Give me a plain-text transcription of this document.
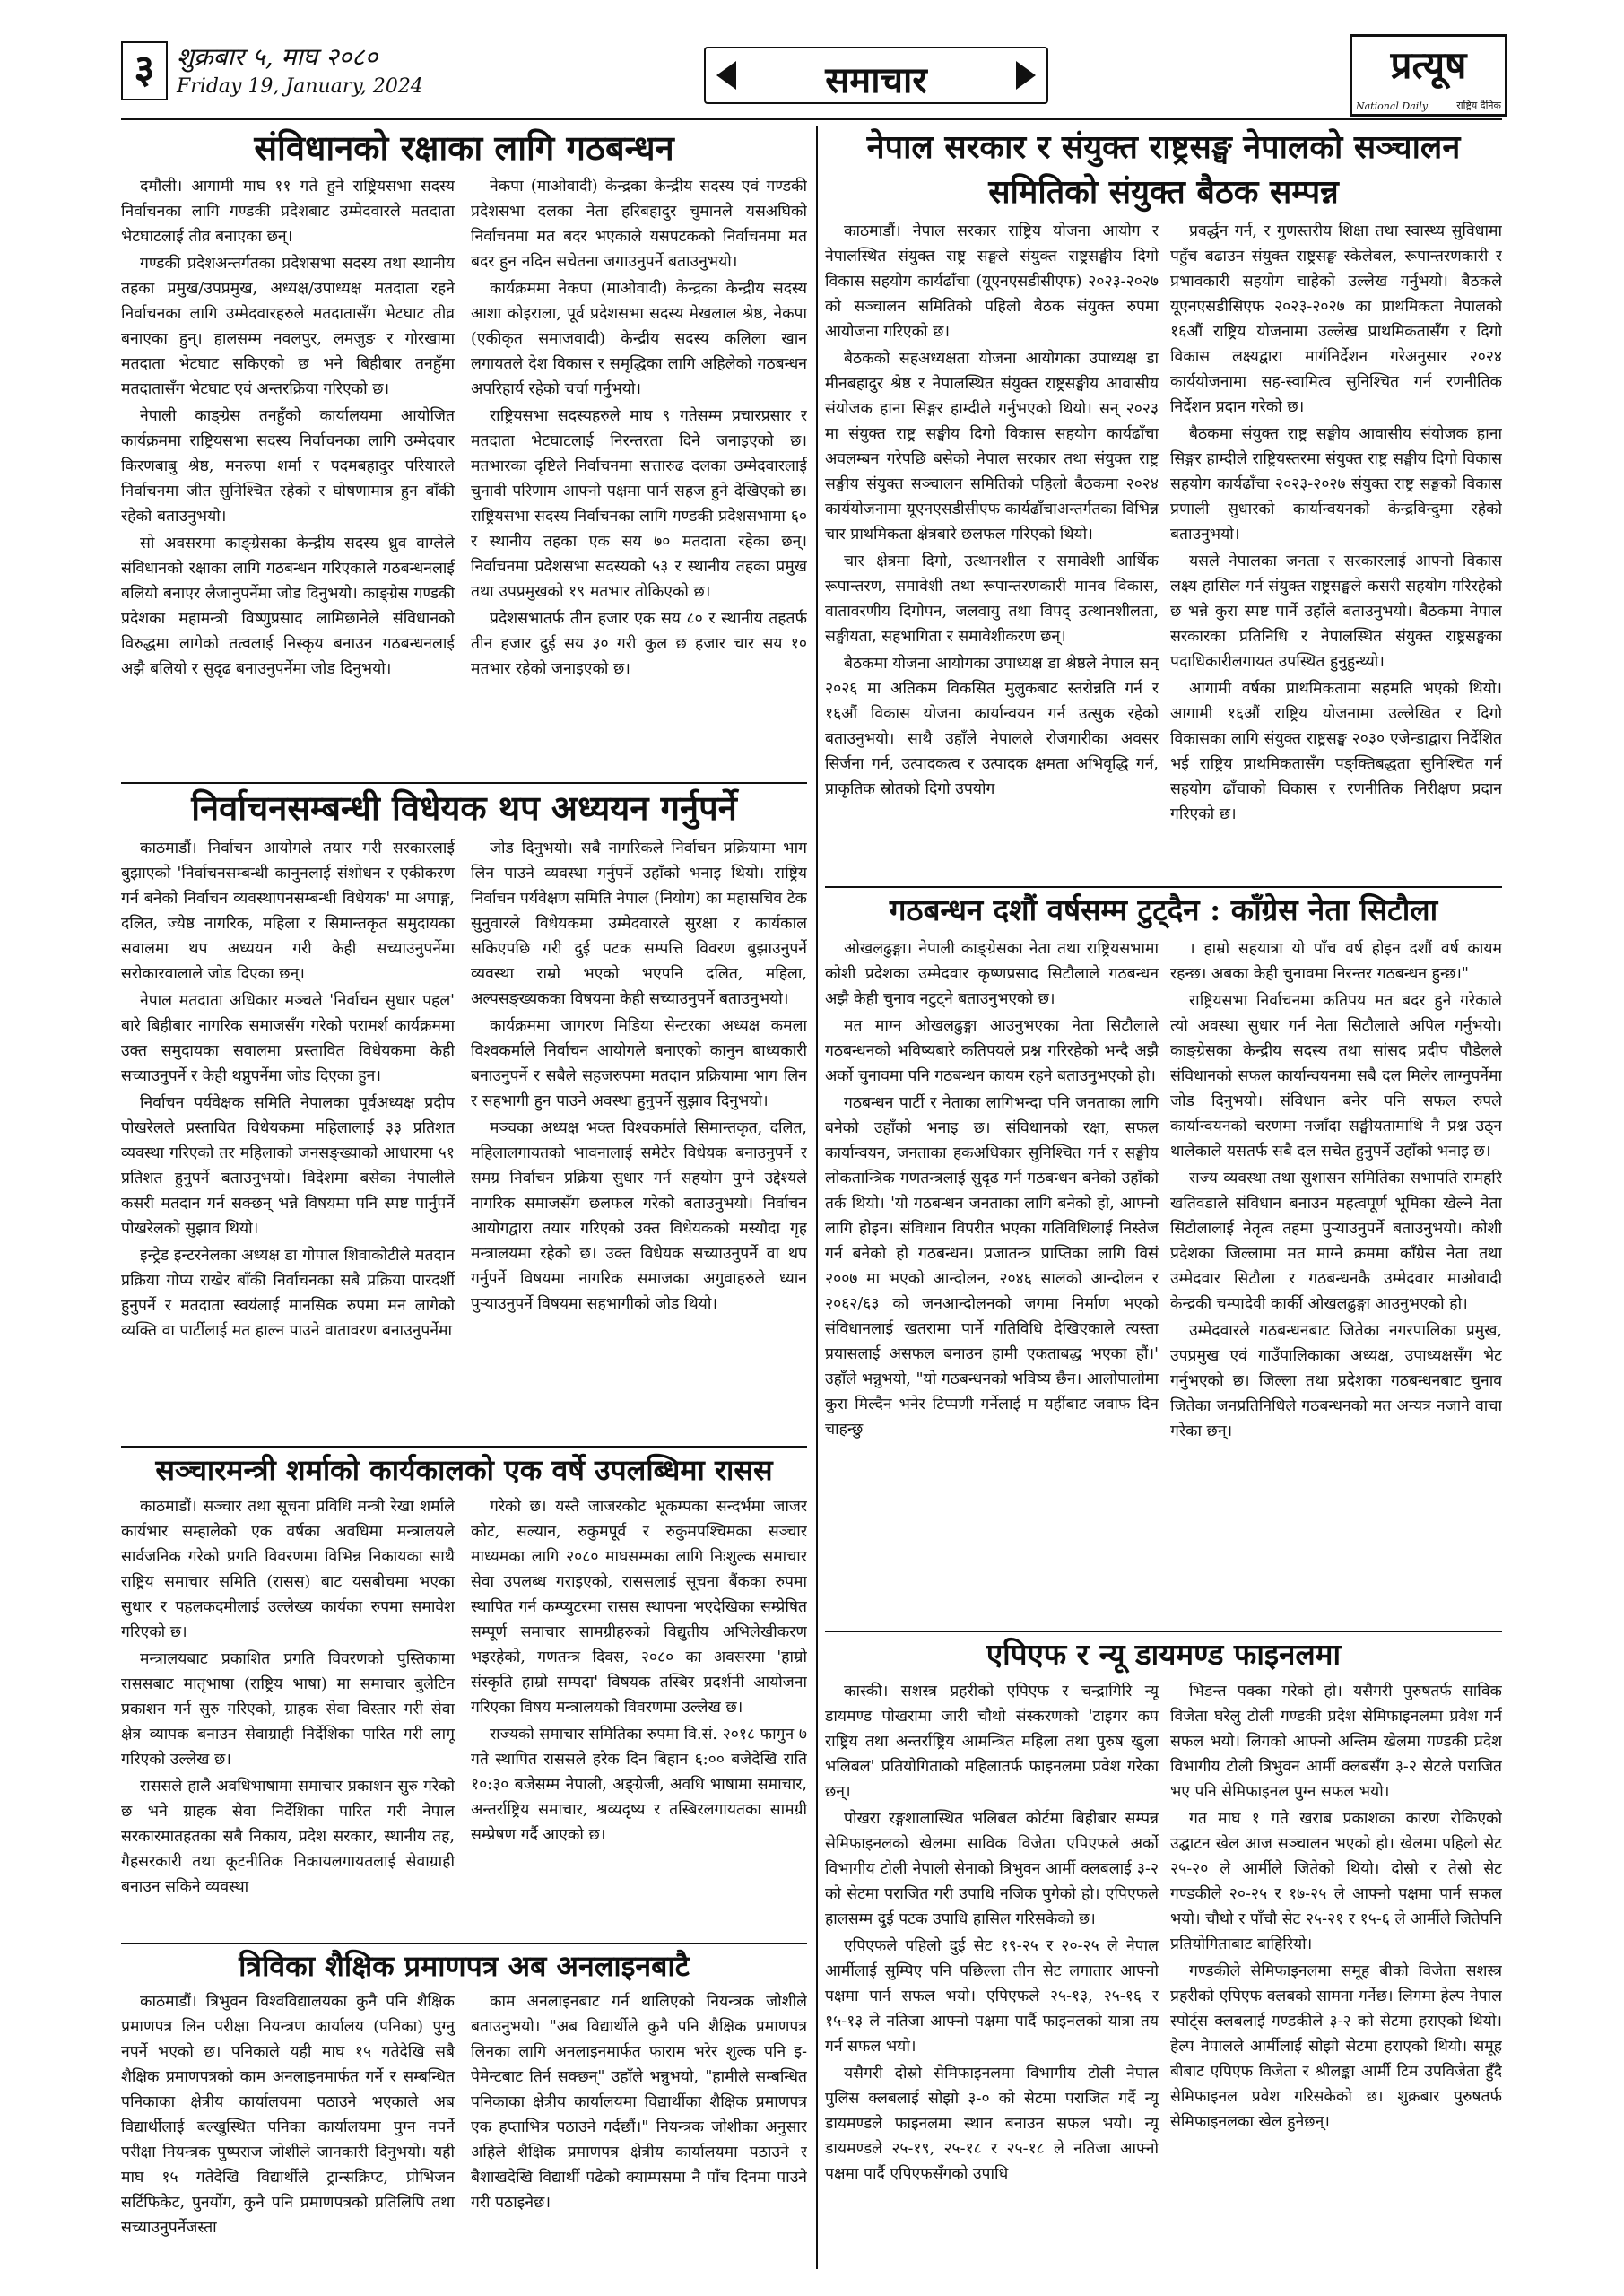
३ शुक्रबार ५, माघ २०८०
Friday 19, January, 2024	समाचार	प्रत्यूष
National Daily	राष्ट्रिय दैनिक
संविधानको रक्षाका लागि गठबन्धन

दमौली। आगामी माघ ११ गते हुने राष्ट्रियसभा सदस्य निर्वाचनका लागि गण्डकी प्रदेशबाट उम्मेदवारले मतदाता भेटघाटलाई तीव्र बनाएका छन्।

गण्डकी प्रदेशअन्तर्गतका प्रदेशसभा सदस्य तथा स्थानीय तहका प्रमुख/उपप्रमुख, अध्यक्ष/उपाध्यक्ष मतदाता रहने निर्वाचनका लागि उम्मेदवारहरुले मतदातासँग भेटघाट तीव्र बनाएका हुन्। हालसम्म नवलपुर, लमजुङ र गोरखामा मतदाता भेटघाट सकिएको छ भने बिहीबार तनहुँमा मतदातासँग भेटघाट एवं अन्तरक्रिया गरिएको छ।

नेपाली काङ्ग्रेस तनहुँको कार्यालयमा आयोजित कार्यक्रममा राष्ट्रियसभा सदस्य निर्वाचनका लागि उम्मेदवार किरणबाबु श्रेष्ठ, मनरुपा शर्मा र पदमबहादुर परियारले निर्वाचनमा जीत सुनिश्चित रहेको र घोषणामात्र हुन बाँकी रहेको बताउनुभयो।

सो अवसरमा काङ्ग्रेसका केन्द्रीय सदस्य ध्रुव वाग्लेले संविधानको रक्षाका लागि गठबन्धन गरिएकाले गठबन्धनलाई बलियो बनाएर लैजानुपर्नेमा जोड दिनुभयो। काङ्ग्रेस गण्डकी प्रदेशका महामन्त्री विष्णुप्रसाद लामिछानेले संविधानको विरुद्धमा लागेको तत्वलाई निस्कृय बनाउन गठबन्धनलाई अझै बलियो र सुदृढ बनाउनुपर्नेमा जोड दिनुभयो।

नेकपा (माओवादी) केन्द्रका केन्द्रीय सदस्य एवं गण्डकी प्रदेशसभा दलका नेता हरिबहादुर चुमानले यसअघिको निर्वाचनमा मत बदर भएकाले यसपटकको निर्वाचनमा मत बदर हुन नदिन सचेतना जगाउनुपर्ने बताउनुभयो।

कार्यक्रममा नेकपा (माओवादी) केन्द्रका केन्द्रीय सदस्य आशा कोइराला, पूर्व प्रदेशसभा सदस्य मेखलाल श्रेष्ठ, नेकपा (एकीकृत समाजवादी) केन्द्रीय सदस्य कलिला खान लगायतले देश विकास र समृद्धिका लागि अहिलेको गठबन्धन अपरिहार्य रहेको चर्चा गर्नुभयो।

राष्ट्रियसभा सदस्यहरुले माघ ९ गतेसम्म प्रचारप्रसार र मतदाता भेटघाटलाई निरन्तरता दिने जनाइएको छ। मतभारका दृष्टिले निर्वाचनमा सत्तारुढ दलका उम्मेदवारलाई चुनावी परिणाम आफ्नो पक्षमा पार्न सहज हुने देखिएको छ। राष्ट्रियसभा सदस्य निर्वाचनका लागि गण्डकी प्रदेशसभामा ६० र स्थानीय तहका एक सय ७० मतदाता रहेका छन्। निर्वाचनमा प्रदेशसभा सदस्यको ५३ र स्थानीय तहका प्रमुख तथा उपप्रमुखको १९ मतभार तोकिएको छ।

प्रदेशसभातर्फ तीन हजार एक सय ८० र स्थानीय तहतर्फ तीन हजार दुई सय ३० गरी कुल छ हजार चार सय १० मतभार रहेको जनाइएको छ।

निर्वाचनसम्बन्धी विधेयक थप अध्ययन गर्नुपर्ने

काठमाडौं। निर्वाचन आयोगले तयार गरी सरकारलाई बुझाएको 'निर्वाचनसम्बन्धी कानुनलाई संशोधन र एकीकरण गर्न बनेको निर्वाचन व्यवस्थापनसम्बन्धी विधेयक' मा अपाङ्ग, दलित, ज्येष्ठ नागरिक, महिला र सिमान्तकृत समुदायका सवालमा थप अध्ययन गरी केही सच्याउनुपर्नेमा सरोकारवालाले जोड दिएका छन्।

नेपाल मतदाता अधिकार मञ्चले 'निर्वाचन सुधार पहल' बारे बिहीबार नागरिक समाजसँग गरेको परामर्श कार्यक्रममा उक्त समुदायका सवालमा प्रस्तावित विधेयकमा केही सच्याउनुपर्ने र केही थप्नुपर्नेमा जोड दिएका हुन।

निर्वाचन पर्यवेक्षक समिति नेपालका पूर्वअध्यक्ष प्रदीप पोखरेलले प्रस्तावित विधेयकमा महिलालाई ३३ प्रतिशत व्यवस्था गरिएको तर महिलाको जनसङ्ख्याको आधारमा ५१ प्रतिशत हुनुपर्ने बताउनुभयो। विदेशमा बसेका नेपालीले कसरी मतदान गर्न सक्छन् भन्ने विषयमा पनि स्पष्ट पार्नुपर्ने पोखरेलको सुझाव थियो।

इन्ट्रेड इन्टरनेलका अध्यक्ष डा गोपाल शिवाकोटीले मतदान प्रक्रिया गोप्य राखेर बाँकी निर्वाचनका सबै प्रक्रिया पारदर्शी हुनुपर्ने र मतदाता स्वयंलाई मानसिक रुपमा मन लागेको व्यक्ति वा पार्टीलाई मत हाल्न पाउने वातावरण बनाउनुपर्नेमा

जोड दिनुभयो। सबै नागरिकले निर्वाचन प्रक्रियामा भाग लिन पाउने व्यवस्था गर्नुपर्ने उहाँको भनाइ थियो। राष्ट्रिय निर्वाचन पर्यवेक्षण समिति नेपाल (नियोग) का महासचिव टेक सुनुवारले विधेयकमा उम्मेदवारले सुरक्षा र कार्यकाल सकिएपछि गरी दुई पटक सम्पत्ति विवरण बुझाउनुपर्ने व्यवस्था राम्रो भएको भएपनि दलित, महिला, अल्पसङ्ख्यकका विषयमा केही सच्याउनुपर्ने बताउनुभयो।

कार्यक्रममा जागरण मिडिया सेन्टरका अध्यक्ष कमला विश्वकर्माले निर्वाचन आयोगले बनाएको कानुन बाध्यकारी बनाउनुपर्ने र सबैले सहजरुपमा मतदान प्रक्रियामा भाग लिन र सहभागी हुन पाउने अवस्था हुनुपर्ने सुझाव दिनुभयो।

मञ्चका अध्यक्ष भक्त विश्वकर्माले सिमान्तकृत, दलित, महिलालगायतको भावनालाई समेटेर विधेयक बनाउनुपर्ने र समग्र निर्वाचन प्रक्रिया सुधार गर्न सहयोग पुग्ने उद्देश्यले नागरिक समाजसँग छलफल गरेको बताउनुभयो। निर्वाचन आयोगद्वारा तयार गरिएको उक्त विधेयकको मस्यौदा गृह मन्त्रालयमा रहेको छ। उक्त विधेयक सच्याउनुपर्ने वा थप गर्नुपर्ने विषयमा नागरिक समाजका अगुवाहरुले ध्यान पुऱ्याउनुपर्ने विषयमा सहभागीको जोड थियो।

सञ्चारमन्त्री शर्माको कार्यकालको एक वर्षे उपलब्धिमा रासस

काठमाडौं। सञ्चार तथा सूचना प्रविधि मन्त्री रेखा शर्माले कार्यभार सम्हालेको एक वर्षका अवधिमा मन्त्रालयले सार्वजनिक गरेको प्रगति विवरणमा विभिन्न निकायका साथै राष्ट्रिय समाचार समिति (रासस) बाट यसबीचमा भएका सुधार र पहलकदमीलाई उल्लेख्य कार्यका रुपमा समावेश गरिएको छ।

मन्त्रालयबाट प्रकाशित प्रगति विवरणको पुस्तिकामा राससबाट मातृभाषा (राष्ट्रिय भाषा) मा समाचार बुलेटिन प्रकाशन गर्न सुरु गरिएको, ग्राहक सेवा विस्तार गरी सेवा क्षेत्र व्यापक बनाउन सेवाग्राही निर्देशिका पारित गरी लागू गरिएको उल्लेख छ।

राससले हालै अवधिभाषामा समाचार प्रकाशन सुरु गरेको छ भने ग्राहक सेवा निर्देशिका पारित गरी नेपाल सरकारमातहतका सबै निकाय, प्रदेश सरकार, स्थानीय तह, गैहसरकारी तथा कूटनीतिक निकायलगायतलाई सेवाग्राही बनाउन सकिने व्यवस्था

गरेको छ। यस्तै जाजरकोट भूकम्पका सन्दर्भमा जाजर कोट, सल्यान, रुकुमपूर्व र रुकुमपश्चिमका सञ्चार माध्यमका लागि २०८० माघसम्मका लागि निःशुल्क समाचार सेवा उपलब्ध गराइएको, राससलाई सूचना बैंकका रुपमा स्थापित गर्न कम्प्युटरमा रासस स्थापना भएदेखिका सम्प्रेषित सम्पूर्ण समाचार सामग्रीहरुको विद्युतीय अभिलेखीकरण भइरहेको, गणतन्त्र दिवस, २०८० का अवसरमा 'हाम्रो संस्कृति हाम्रो सम्पदा' विषयक तस्बिर प्रदर्शनी आयोजना गरिएका विषय मन्त्रालयको विवरणमा उल्लेख छ।

राज्यको समाचार समितिका रुपमा वि.सं. २०१८ फागुन ७ गते स्थापित राससले हरेक दिन बिहान ६:०० बजेदेखि राति १०:३० बजेसम्म नेपाली, अङ्ग्रेजी, अवधि भाषामा समाचार, अन्तर्राष्ट्रिय समाचार, श्रव्यदृष्य र तस्बिरलगायतका सामग्री सम्प्रेषण गर्दै आएको छ।

त्रिविका शैक्षिक प्रमाणपत्र अब अनलाइनबाटै

काठमाडौं। त्रिभुवन विश्वविद्यालयका कुनै पनि शैक्षिक प्रमाणपत्र लिन परीक्षा नियन्त्रण कार्यालय (पनिका) पुग्नु नपर्ने भएको छ। पनिकाले यही माघ १५ गतेदेखि सबै शैक्षिक प्रमाणपत्रको काम अनलाइनमार्फत गर्ने र सम्बन्धित पनिकाका क्षेत्रीय कार्यालयमा पठाउने भएकाले अब विद्यार्थीलाई बल्खुस्थित पनिका कार्यालयमा पुग्न नपर्ने परीक्षा नियन्त्रक पुष्पराज जोशीले जानकारी दिनुभयो। यही माघ १५ गतेदेखि विद्यार्थीले ट्रान्सक्रिप्ट, प्रोभिजन सर्टिफिकेट, पुनर्योग, कुनै पनि प्रमाणपत्रको प्रतिलिपि तथा सच्याउनुपर्नेजस्ता

काम अनलाइनबाट गर्न थालिएको नियन्त्रक जोशीले बताउनुभयो। "अब विद्यार्थीले कुनै पनि शैक्षिक प्रमाणपत्र लिनका लागि अनलाइनमार्फत फाराम भरेर शुल्क पनि इ-पेमेन्टबाट तिर्न सक्छन्" उहाँले भन्नुभयो, "हामीले सम्बन्धित पनिकाका क्षेत्रीय कार्यालयमा विद्यार्थीका शैक्षिक प्रमाणपत्र एक हप्ताभित्र पठाउने गर्दछौं।" नियन्त्रक जोशीका अनुसार अहिले शैक्षिक प्रमाणपत्र क्षेत्रीय कार्यालयमा पठाउने र बैशाखदेखि विद्यार्थी पढेको क्याम्पसमा नै पाँच दिनमा पाउने गरी पठाइनेछ।

नेपाल सरकार र संयुक्त राष्ट्रसङ्घ नेपालको सञ्चालन
समितिको संयुक्त बैठक सम्पन्न

काठमाडौं। नेपाल सरकार राष्ट्रिय योजना आयोग र नेपालस्थित संयुक्त राष्ट्र सङ्घले संयुक्त राष्ट्रसङ्घीय दिगो विकास सहयोग कार्यढाँचा (यूएनएसडीसीएफ) २०२३-२०२७ को सञ्चालन समितिको पहिलो बैठक संयुक्त रुपमा आयोजना गरिएको छ।

बैठकको सहअध्यक्षता योजना आयोगका उपाध्यक्ष डा मीनबहादुर श्रेष्ठ र नेपालस्थित संयुक्त राष्ट्रसङ्घीय आवासीय संयोजक हाना सिङ्गर हाम्दीले गर्नुभएको थियो। सन् २०२३ मा संयुक्त राष्ट्र सङ्घीय दिगो विकास सहयोग कार्यढाँचा अवलम्बन गरेपछि बसेको नेपाल सरकार तथा संयुक्त राष्ट्र सङ्घीय संयुक्त सञ्चालन समितिको पहिलो बैठकमा २०२४ कार्ययोजनामा यूएनएसडीसीएफ कार्यढाँचाअन्तर्गतका विभिन्न चार प्राथमिकता क्षेत्रबारे छलफल गरिएको थियो।

चार क्षेत्रमा दिगो, उत्थानशील र समावेशी आर्थिक रूपान्तरण, समावेशी तथा रूपान्तरणकारी मानव विकास, वातावरणीय दिगोपन, जलवायु तथा विपद् उत्थानशीलता, सङ्घीयता, सहभागिता र समावेशीकरण छन्।

बैठकमा योजना आयोगका उपाध्यक्ष डा श्रेष्ठले नेपाल सन् २०२६ मा अतिकम विकसित मुलुकबाट स्तरोन्नति गर्न र १६औं विकास योजना कार्यान्वयन गर्न उत्सुक रहेको बताउनुभयो। साथै उहाँले नेपालले रोजगारीका अवसर सिर्जना गर्न, उत्पादकत्व र उत्पादक क्षमता अभिवृद्धि गर्न, प्राकृतिक स्रोतको दिगो उपयोग

प्रवर्द्धन गर्न, र गुणस्तरीय शिक्षा तथा स्वास्थ्य सुविधामा पहुँच बढाउन संयुक्त राष्ट्रसङ्घ स्केलेबल, रूपान्तरणकारी र प्रभावकारी सहयोग चाहेको उल्लेख गर्नुभयो। बैठकले यूएनएसडीसिएफ २०२३-२०२७ का प्राथमिकता नेपालको १६औं राष्ट्रिय योजनामा उल्लेख प्राथमिकतासँग र दिगो विकास लक्ष्यद्वारा मार्गनिर्देशन गरेअनुसार २०२४ कार्ययोजनामा सह-स्वामित्व सुनिश्चित गर्न रणनीतिक निर्देशन प्रदान गरेको छ।

बैठकमा संयुक्त राष्ट्र सङ्घीय आवासीय संयोजक हाना सिङ्गर हाम्दीले राष्ट्रियस्तरमा संयुक्त राष्ट्र सङ्घीय दिगो विकास सहयोग कार्यढाँचा २०२३-२०२७ संयुक्त राष्ट्र सङ्घको विकास प्रणाली सुधारको कार्यान्वयनको केन्द्रविन्दुमा रहेको बताउनुभयो।

यसले नेपालका जनता र सरकारलाई आफ्नो विकास लक्ष्य हासिल गर्न संयुक्त राष्ट्रसङ्घले कसरी सहयोग गरिरहेको छ भन्ने कुरा स्पष्ट पार्ने उहाँले बताउनुभयो। बैठकमा नेपाल सरकारका प्रतिनिधि र नेपालस्थित संयुक्त राष्ट्रसङ्घका पदाधिकारीलगायत उपस्थित हुनुहुन्थ्यो।

आगामी वर्षका प्राथमिकतामा सहमति भएको थियो। आगामी १६औं राष्ट्रिय योजनामा उल्लेखित र दिगो विकासका लागि संयुक्त राष्ट्रसङ्घ २०३० एजेन्डाद्वारा निर्देशित भई राष्ट्रिय प्राथमिकतासँग पङ्क्तिबद्धता सुनिश्चित गर्न सहयोग ढाँचाको विकास र रणनीतिक निरीक्षण प्रदान गरिएको छ।

गठबन्धन दशौं वर्षसम्म टुट्दैन : काँग्रेस नेता सिटौला

ओखलढुङ्गा। नेपाली काङ्ग्रेसका नेता तथा राष्ट्रियसभामा कोशी प्रदेशका उम्मेदवार कृष्णप्रसाद सिटौलाले गठबन्धन अझै केही चुनाव नटुट्ने बताउनुभएको छ।

मत माग्न ओखलढुङ्गा आउनुभएका नेता सिटौलाले गठबन्धनको भविष्यबारे कतिपयले प्रश्न गरिरहेको भन्दै अझै अर्को चुनावमा पनि गठबन्धन कायम रहने बताउनुभएको हो।

गठबन्धन पार्टी र नेताका लागिभन्दा पनि जनताका लागि बनेको उहाँको भनाइ छ। संविधानको रक्षा, सफल कार्यान्वयन, जनताका हकअधिकार सुनिश्चित गर्न र सङ्घीय लोकतान्त्रिक गणतन्त्रलाई सुदृढ गर्न गठबन्धन बनेको उहाँको तर्क थियो। 'यो गठबन्धन जनताका लागि बनेको हो, आफ्नो लागि होइन। संविधान विपरीत भएका गतिविधिलाई निस्तेज गर्न बनेको हो गठबन्धन। प्रजातन्त्र प्राप्तिका लागि विसं २००७ मा भएको आन्दोलन, २०४६ सालको आन्दोलन र २०६२/६३ को जनआन्दोलनको जगमा निर्माण भएको संविधानलाई खतरामा पार्ने गतिविधि देखिएकाले त्यस्ता प्रयासलाई असफल बनाउन हामी एकताबद्ध भएका हौं।' उहाँले भन्नुभयो, "यो गठबन्धनको भविष्य छैन। आलोपालोमा कुरा मिल्दैन भनेर टिप्पणी गर्नेलाई म यहींबाट जवाफ दिन चाहन्छु

। हाम्रो सहयात्रा यो पाँच वर्ष होइन दशौं वर्ष कायम रहन्छ। अबका केही चुनावमा निरन्तर गठबन्धन हुन्छ।"

राष्ट्रियसभा निर्वाचनमा कतिपय मत बदर हुने गरेकाले त्यो अवस्था सुधार गर्न नेता सिटौलाले अपिल गर्नुभयो। काङ्ग्रेसका केन्द्रीय सदस्य तथा सांसद प्रदीप पौडेलले संविधानको सफल कार्यान्वयनमा सबै दल मिलेर लाग्नुपर्नेमा जोड दिनुभयो। संविधान बनेर पनि सफल रुपले कार्यान्वयनको चरणमा नजाँदा सङ्घीयतामाथि नै प्रश्न उठ्न थालेकाले यसतर्फ सबै दल सचेत हुनुपर्ने उहाँको भनाइ छ।

राज्य व्यवस्था तथा सुशासन समितिका सभापति रामहरि खतिवडाले संविधान बनाउन महत्वपूर्ण भूमिका खेल्ने नेता सिटौलालाई नेतृत्व तहमा पुऱ्याउनुपर्ने बताउनुभयो। कोशी प्रदेशका जिल्लामा मत माग्ने क्रममा काँग्रेस नेता तथा उम्मेदवार सिटौला र गठबन्धनकै उम्मेदवार माओवादी केन्द्रकी चम्पादेवी कार्की ओखलढुङ्गा आउनुभएको हो।

उम्मेदवारले गठबन्धनबाट जितेका नगरपालिका प्रमुख, उपप्रमुख एवं गाउँपालिकाका अध्यक्ष, उपाध्यक्षसँग भेट गर्नुभएको छ। जिल्ला तथा प्रदेशका गठबन्धनबाट चुनाव जितेका जनप्रतिनिधिले गठबन्धनको मत अन्यत्र नजाने वाचा गरेका छन्।

एपिएफ र न्यू डायमण्ड फाइनलमा

कास्की। सशस्त्र प्रहरीको एपिएफ र चन्द्रागिरि न्यू डायमण्ड पोखरामा जारी चौथो संस्करणको 'टाइगर कप राष्ट्रिय तथा अन्तर्राष्ट्रिय आमन्त्रित महिला तथा पुरुष खुला भलिबल' प्रतियोगिताको महिलातर्फ फाइनलमा प्रवेश गरेका छन्।

पोखरा रङ्गशालास्थित भलिबल कोर्टमा बिहीबार सम्पन्न सेमिफाइनलको खेलमा साविक विजेता एपिएफले अर्को विभागीय टोली नेपाली सेनाको त्रिभुवन आर्मी क्लबलाई ३-२ को सेटमा पराजित गरी उपाधि नजिक पुगेको हो। एपिएफले हालसम्म दुई पटक उपाधि हासिल गरिसकेको छ।

एपिएफले पहिलो दुई सेट १९-२५ र २०-२५ ले नेपाल आर्मीलाई सुम्पिए पनि पछिल्ला तीन सेट लगातार आफ्नो पक्षमा पार्न सफल भयो। एपिएफले २५-१३, २५-१६ र १५-१३ ले नतिजा आफ्नो पक्षमा पार्दै फाइनलको यात्रा तय गर्न सफल भयो।

यसैगरी दोस्रो सेमिफाइनलमा विभागीय टोली नेपाल पुलिस क्लबलाई सोझो ३-० को सेटमा पराजित गर्दै न्यू डायमण्डले फाइनलमा स्थान बनाउन सफल भयो। न्यू डायमण्डले २५-१९, २५-१८ र २५-१८ ले नतिजा आफ्नो पक्षमा पार्दै एपिएफसँगको उपाधि

भिडन्त पक्का गरेको हो। यसैगरी पुरुषतर्फ साविक विजेता घरेलु टोली गण्डकी प्रदेश सेमिफाइनलमा प्रवेश गर्न सफल भयो। लिगको आफ्नो अन्तिम खेलमा गण्डकी प्रदेश विभागीय टोली त्रिभुवन आर्मी क्लबसँग ३-२ सेटले पराजित भए पनि सेमिफाइनल पुग्न सफल भयो।

गत माघ १ गते खराब प्रकाशका कारण रोकिएको उद्घाटन खेल आज सञ्चालन भएको हो। खेलमा पहिलो सेट २५-२० ले आर्मीले जितेको थियो। दोस्रो र तेस्रो सेट गण्डकीले २०-२५ र १७-२५ ले आफ्नो पक्षमा पार्न सफल भयो। चौथो र पाँचौ सेट २५-२१ र १५-६ ले आर्मीले जितेपनि प्रतियोगिताबाट बाहिरियो।

गण्डकीले सेमिफाइनलमा समूह बीको विजेता सशस्त्र प्रहरीको एपिएफ क्लबको सामना गर्नेछ। लिगमा हेल्प नेपाल स्पोर्ट्स क्लबलाई गण्डकीले ३-२ को सेटमा हराएको थियो। हेल्प नेपालले आर्मीलाई सोझो सेटमा हराएको थियो। समूह बीबाट एपिएफ विजेता र श्रीलङ्का आर्मी टिम उपविजेता हुँदै सेमिफाइनल प्रवेश गरिसकेको छ। शुक्रबार पुरुषतर्फ सेमिफाइनलका खेल हुनेछन्।
